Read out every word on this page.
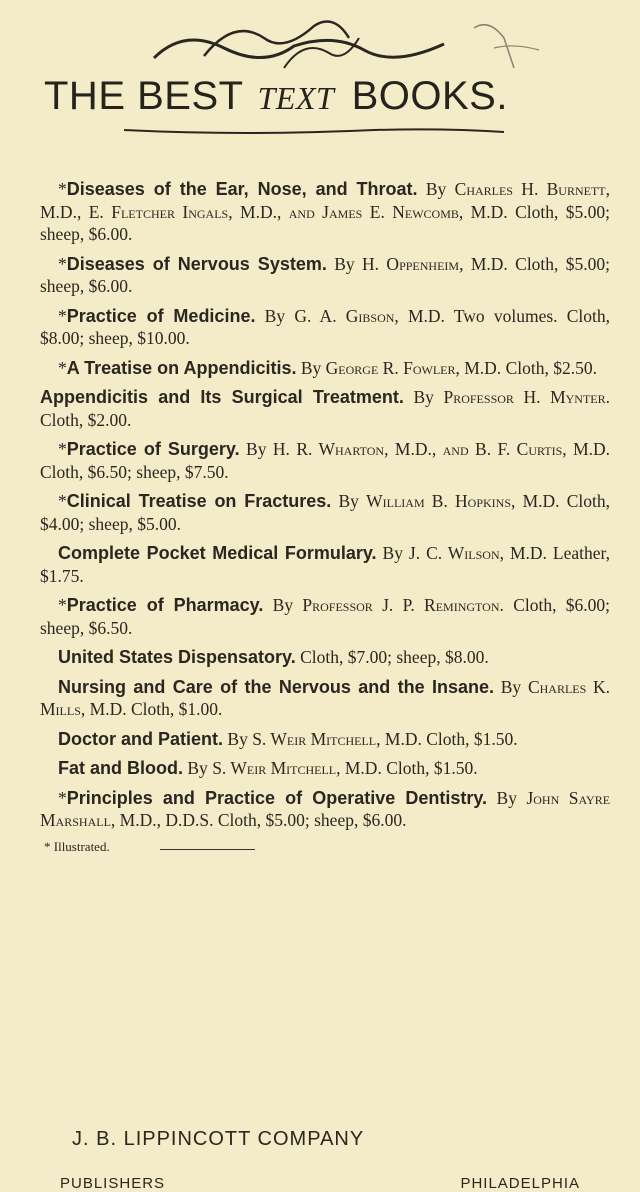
THE BEST TEXT BOOKS.

*Diseases of the Ear, Nose, and Throat. By Charles H. Burnett, M.D., E. Fletcher Ingals, M.D., and James E. Newcomb, M.D. Cloth, $5.00; sheep, $6.00.

*Diseases of Nervous System. By H. Oppenheim, M.D. Cloth, $5.00; sheep, $6.00.

*Practice of Medicine. By G. A. Gibson, M.D. Two volumes. Cloth, $8.00; sheep, $10.00.

*A Treatise on Appendicitis. By George R. Fowler, M.D. Cloth, $2.50.

Appendicitis and Its Surgical Treatment. By Professor H. Mynter. Cloth, $2.00.

*Practice of Surgery. By H. R. Wharton, M.D., and B. F. Curtis, M.D. Cloth, $6.50; sheep, $7.50.

*Clinical Treatise on Fractures. By William B. Hopkins, M.D. Cloth, $4.00; sheep, $5.00.

Complete Pocket Medical Formulary. By J. C. Wilson, M.D. Leather, $1.75.

*Practice of Pharmacy. By Professor J. P. Remington. Cloth, $6.00; sheep, $6.50.

United States Dispensatory. Cloth, $7.00; sheep, $8.00.

Nursing and Care of the Nervous and the Insane. By Charles K. Mills, M.D. Cloth, $1.00.

Doctor and Patient. By S. Weir Mitchell, M.D. Cloth, $1.50.

Fat and Blood. By S. Weir Mitchell, M.D. Cloth, $1.50.

*Principles and Practice of Operative Dentistry. By John Sayre Marshall, M.D., D.D.S. Cloth, $5.00; sheep, $6.00.

* Illustrated.

J. B. LIPPINCOTT COMPANY
PUBLISHERS	PHILADELPHIA
